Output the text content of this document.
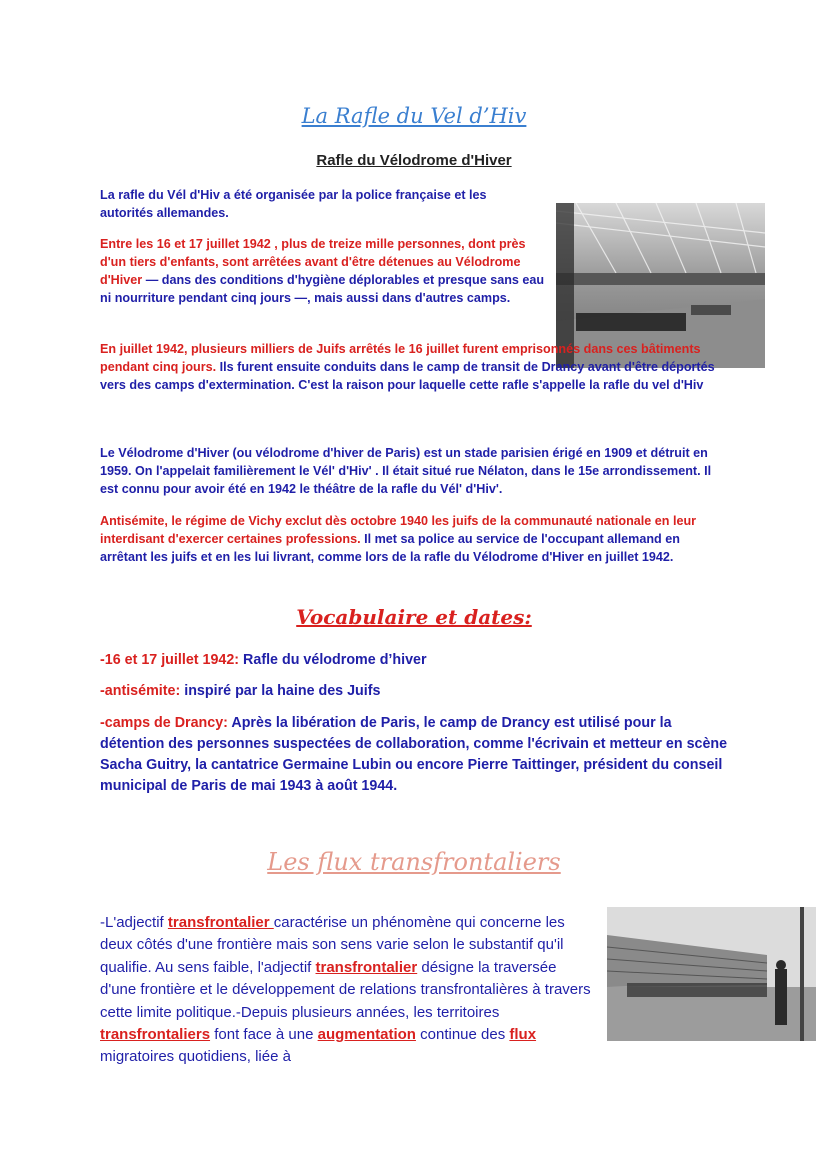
La Rafle du Vel d’Hiv
Rafle du Vélodrome d'Hiver

La rafle du Vél d'Hiv a été organisée par la police française et les autorités allemandes.

Entre les 16 et 17 juillet 1942 , plus de treize mille personnes, dont près d'un tiers d'enfants, sont arrêtées avant d'être détenues au Vélodrome d'Hiver — dans des conditions d'hygiène déplorables et presque sans eau ni nourriture pendant cinq jours —, mais aussi dans d'autres camps.

En juillet 1942, plusieurs milliers de Juifs arrêtés le 16 juillet furent emprisonnés dans ces bâtiments pendant cinq jours. Ils furent ensuite conduits dans le camp de transit de Drancy avant d'être déportés vers des camps d'extermination. C'est la raison pour laquelle cette rafle s'appelle la rafle du vel d'Hiv

Le Vélodrome d'Hiver (ou vélodrome d'hiver de Paris) est un stade parisien érigé en 1909 et détruit en 1959. On l'appelait familièrement le Vél' d'Hiv' . Il était situé rue Nélaton, dans le 15e arrondissement. Il est connu pour avoir été en 1942 le théâtre de la rafle du Vél' d'Hiv'.

Antisémite, le régime de Vichy exclut dès octobre 1940 les juifs de la communauté nationale en leur interdisant d'exercer certaines professions. Il met sa police au service de l'occupant allemand en arrêtant les juifs et en les lui livrant, comme lors de la rafle du Vélodrome d'Hiver en juillet 1942.

Vocabulaire et dates:

-16 et 17 juillet 1942: Rafle du vélodrome d’hiver

-antisémite: inspiré par la haine des Juifs

-camps de Drancy: Après la libération de Paris, le camp de Drancy est utilisé pour la détention des personnes suspectées de collaboration, comme l'écrivain et metteur en scène Sacha Guitry, la cantatrice Germaine Lubin ou encore Pierre Taittinger, président du conseil municipal de Paris de mai 1943 à août 1944.

Les flux transfrontaliers

-L'adjectif transfrontalier caractérise un phénomène qui concerne les deux côtés d'une frontière mais son sens varie selon le substantif qu'il qualifie. Au sens faible, l'adjectif transfrontalier désigne la traversée d'une frontière et le développement de relations transfrontalières à travers cette limite politique.-Depuis plusieurs années, les territoires transfrontaliers font face à une augmentation continue des flux migratoires quotidiens, liée à
